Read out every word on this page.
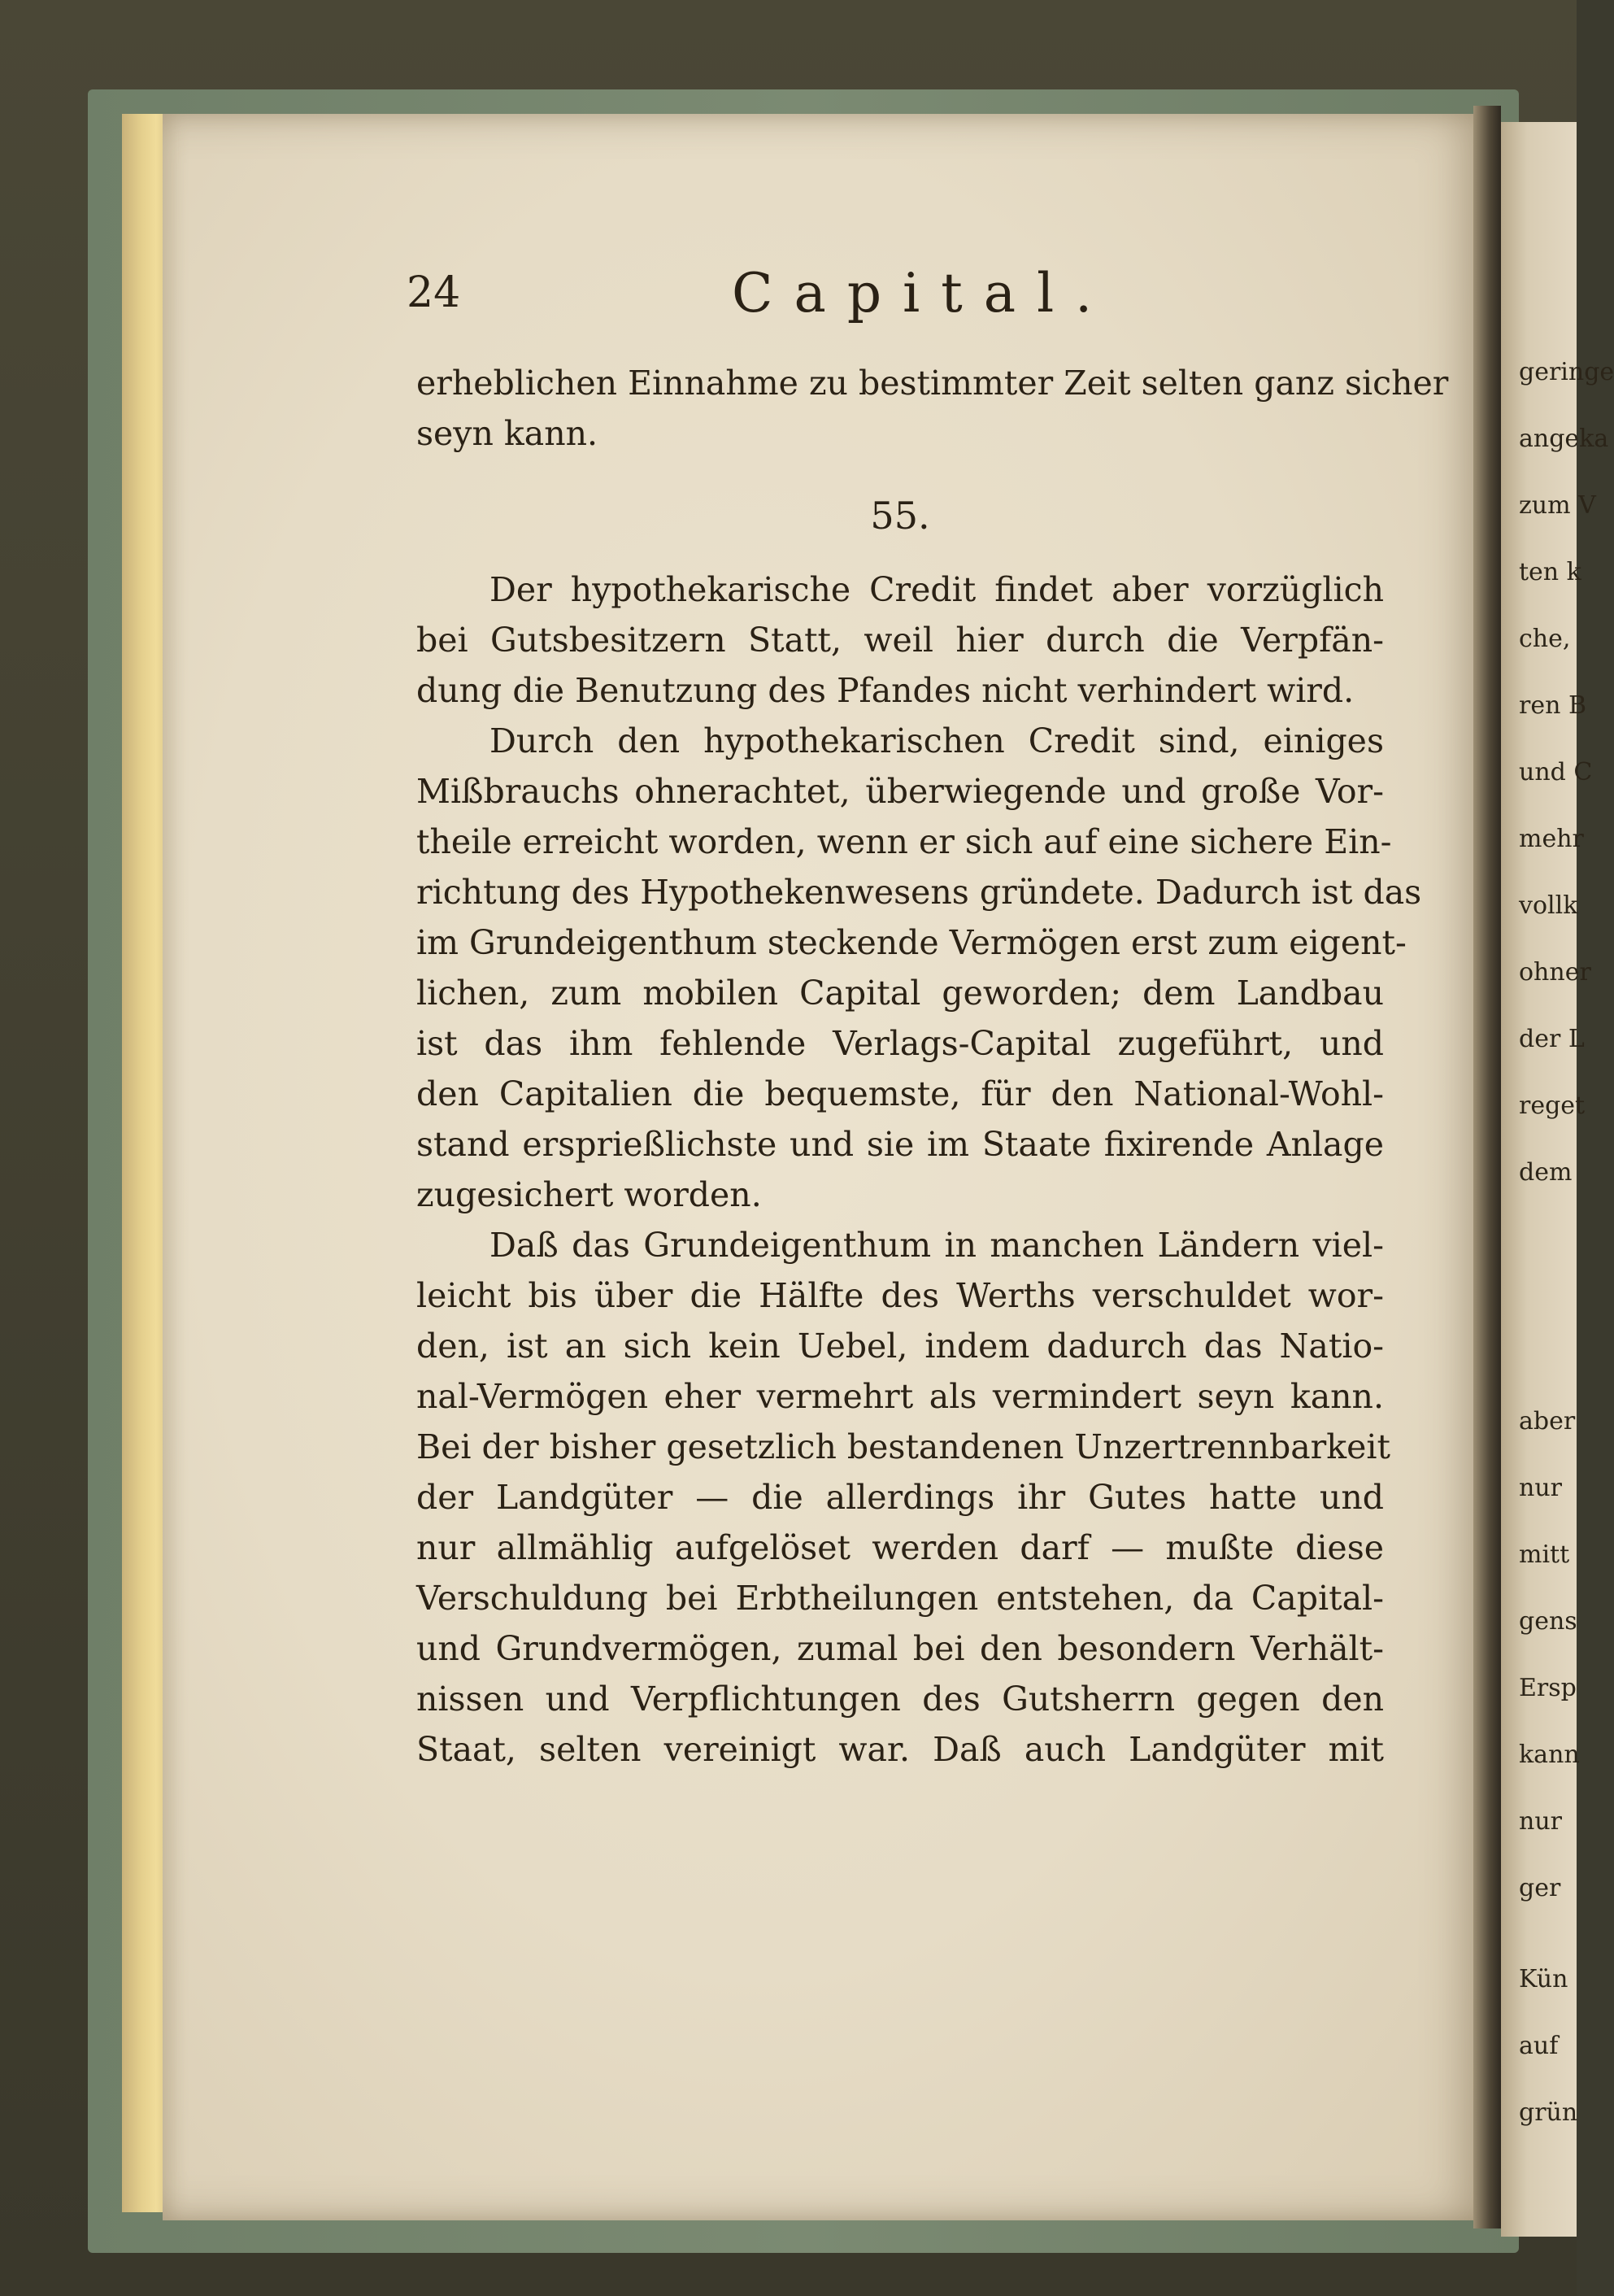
24	Capital.
erheblichen Einnahme zu bestimmter Zeit selten ganz sicher
seyn kann.
55.
Der hypothekarische Credit findet aber vorzüglich
bei Gutsbesitzern Statt, weil hier durch die Verpfän-
dung die Benutzung des Pfandes nicht verhindert wird.
Durch den hypothekarischen Credit sind, einiges
Mißbrauchs ohnerachtet, überwiegende und große Vor-
theile erreicht worden, wenn er sich auf eine sichere Ein-
richtung des Hypothekenwesens gründete. Dadurch ist das
im Grundeigenthum steckende Vermögen erst zum eigent-
lichen, zum mobilen Capital geworden; dem Landbau
ist das ihm fehlende Verlags-Capital zugeführt, und
den Capitalien die bequemste, für den National-Wohl-
stand ersprießlichste und sie im Staate fixirende Anlage
zugesichert worden.
Daß das Grundeigenthum in manchen Ländern viel-
leicht bis über die Hälfte des Werths verschuldet wor-
den, ist an sich kein Uebel, indem dadurch das Natio-
nal-Vermögen eher vermehrt als vermindert seyn kann.
Bei der bisher gesetzlich bestandenen Unzertrennbarkeit
der Landgüter — die allerdings ihr Gutes hatte und
nur allmählig aufgelöset werden darf — mußte diese
Verschuldung bei Erbtheilungen entstehen, da Capital-
und Grundvermögen, zumal bei den besondern Verhält-
nissen und Verpflichtungen des Gutsherrn gegen den
Staat, selten vereinigt war. Daß auch Landgüter mit
geringe
angeka
zum V
ten k
che,
ren B
und C
mehr
vollk
ohner
der L
reget
dem
aber
nur
mitt
gens
Ersp
kann
nur
ger
Kün
auf
grün
